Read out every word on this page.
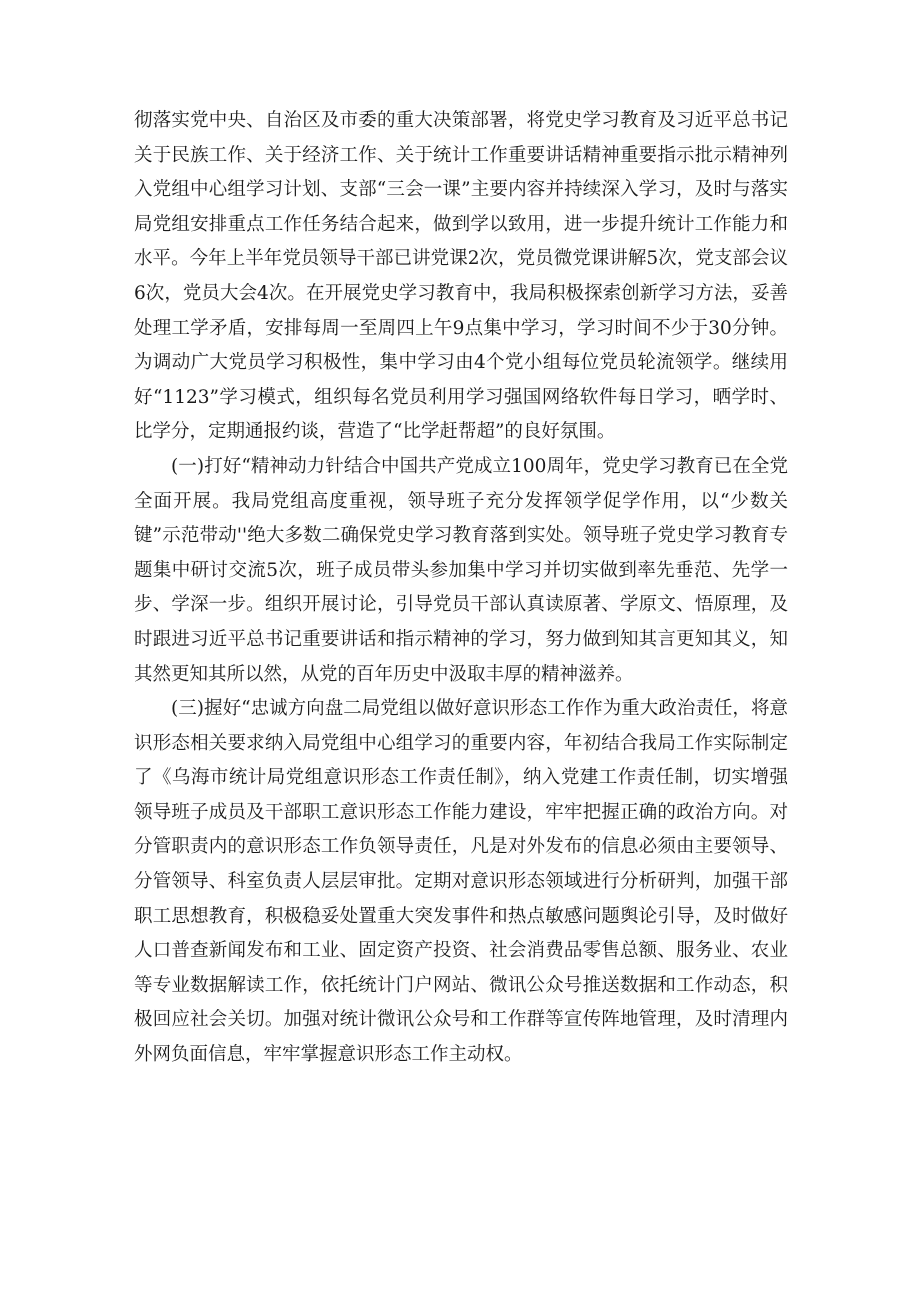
彻落实党中央、自治区及市委的重大决策部署，将党史学习教育及习近平总书记关于民族工作、关于经济工作、关于统计工作重要讲话精神重要指示批示精神列入党组中心组学习计划、支部“三会一课”主要内容并持续深入学习，及时与落实局党组安排重点工作任务结合起来，做到学以致用，进一步提升统计工作能力和水平。今年上半年党员领导干部已讲党课2次，党员微党课讲解5次，党支部会议6次，党员大会4次。在开展党史学习教育中，我局积极探索创新学习方法，妥善处理工学矛盾，安排每周一至周四上午9点集中学习，学习时间不少于30分钟。为调动广大党员学习积极性，集中学习由4个党小组每位党员轮流领学。继续用好“1123”学习模式，组织每名党员利用学习强国网络软件每日学习，晒学时、比学分，定期通报约谈，营造了“比学赶帮超”的良好氛围。

(一)打好“精神动力针结合中国共产党成立100周年，党史学习教育已在全党全面开展。我局党组高度重视，领导班子充分发挥领学促学作用，以“少数关键”示范带动''绝大多数二确保党史学习教育落到实处。领导班子党史学习教育专题集中研讨交流5次，班子成员带头参加集中学习并切实做到率先垂范、先学一步、学深一步。组织开展讨论，引导党员干部认真读原著、学原文、悟原理，及时跟进习近平总书记重要讲话和指示精神的学习，努力做到知其言更知其义，知其然更知其所以然，从党的百年历史中汲取丰厚的精神滋养。

(三)握好“忠诚方向盘二局党组以做好意识形态工作作为重大政治责任，将意识形态相关要求纳入局党组中心组学习的重要内容，年初结合我局工作实际制定了《乌海市统计局党组意识形态工作责任制》，纳入党建工作责任制，切实增强领导班子成员及干部职工意识形态工作能力建设，牢牢把握正确的政治方向。对分管职责内的意识形态工作负领导责任，凡是对外发布的信息必须由主要领导、分管领导、科室负责人层层审批。定期对意识形态领域进行分析研判，加强干部职工思想教育，积极稳妥处置重大突发事件和热点敏感问题舆论引导，及时做好人口普查新闻发布和工业、固定资产投资、社会消费品零售总额、服务业、农业等专业数据解读工作，依托统计门户网站、微讯公众号推送数据和工作动态，积极回应社会关切。加强对统计微讯公众号和工作群等宣传阵地管理，及时清理内外网负面信息，牢牢掌握意识形态工作主动权。
